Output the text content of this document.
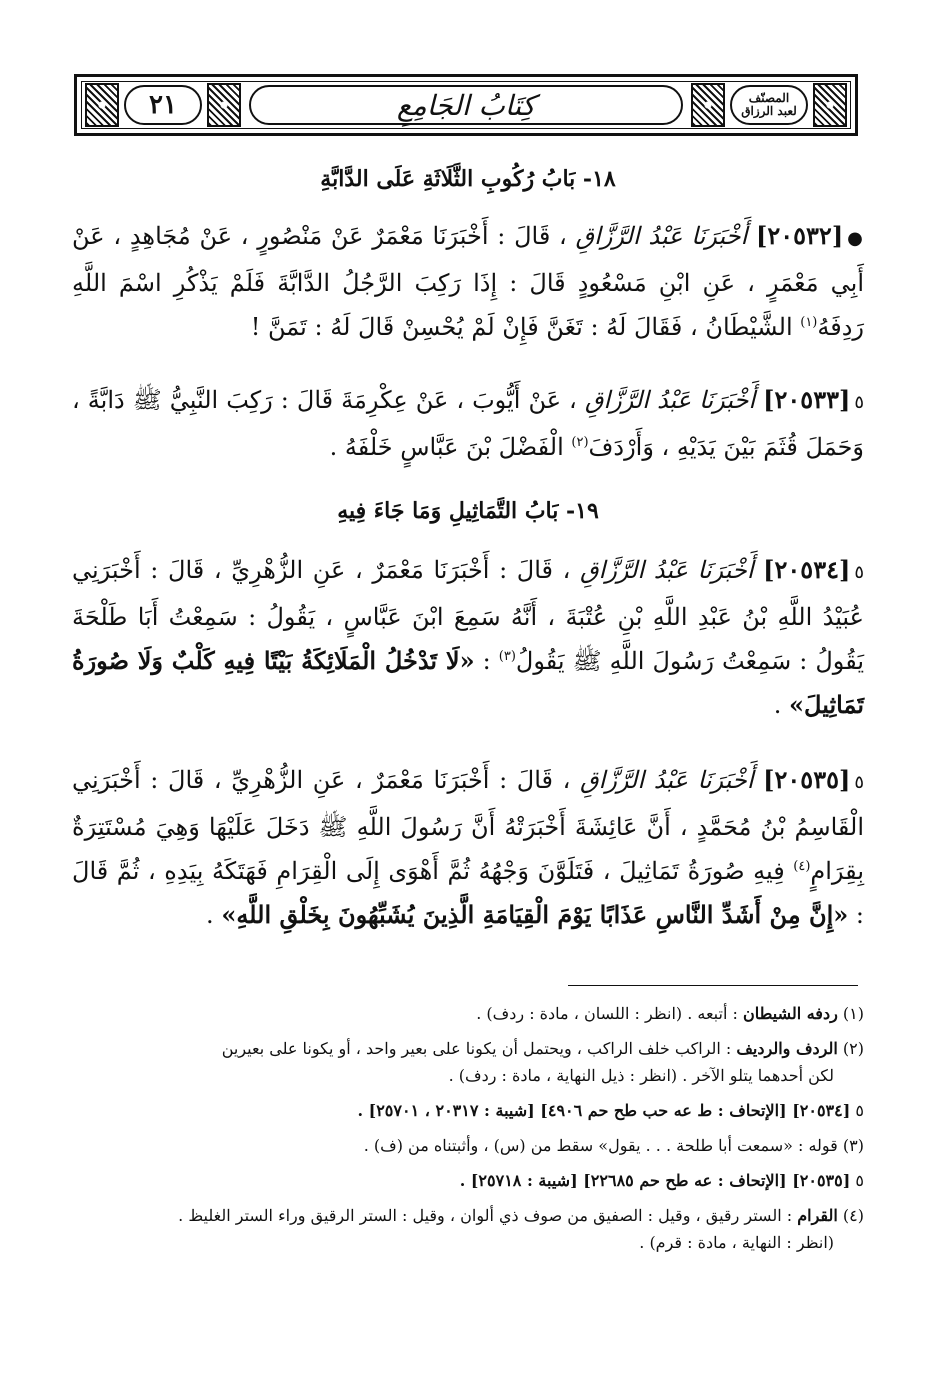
٢١	كِتَابُ الجَامِعِ	المصنّف
لعبد الرزاق
١٨- بَابُ رُكُوبِ الثَّلَاثَةِ عَلَى الدَّابَّةِ

●[٢٠٥٣٢] أَخْبَرَنَا عَبْدُ الرَّزَّاقِ ، قَالَ : أَخْبَرَنَا مَعْمَرٌ عَنْ مَنْصُورٍ ، عَنْ مُجَاهِدٍ ، عَنْ أَبِي مَعْمَرٍ ، عَنِ ابْنِ مَسْعُودٍ قَالَ : إِذَا رَكِبَ الرَّجُلُ الدَّابَّةَ فَلَمْ يَذْكُرِ اسْمَ اللَّهِ رَدِفَهُ$^{(١)}$ الشَّيْطَانُ ، فَقَالَ لَهُ : تَغَنَّ فَإِنْ لَمْ يُحْسِنْ قَالَ لَهُ : تَمَنَّ !

٥[٢٠٥٣٣] أَخْبَرَنَا عَبْدُ الرَّزَّاقِ ، عَنْ أَيُّوبَ ، عَنْ عِكْرِمَةَ قَالَ : رَكِبَ النَّبِيُّ ﷺ دَابَّةً ، وَحَمَلَ قُثَمَ بَيْنَ يَدَيْهِ ، وَأَرْدَفَ$^{(٢)}$ الْفَضْلَ بْنَ عَبَّاسٍ خَلْفَهُ .

١٩- بَابُ التَّمَاثِيلِ وَمَا جَاءَ فِيهِ

٥[٢٠٥٣٤] أَخْبَرَنَا عَبْدُ الرَّزَّاقِ ، قَالَ : أَخْبَرَنَا مَعْمَرٌ ، عَنِ الزُّهْرِيِّ ، قَالَ : أَخْبَرَنِي عُبَيْدُ اللَّهِ بْنُ عَبْدِ اللَّهِ بْنِ عُتْبَةَ ، أَنَّهُ سَمِعَ ابْنَ عَبَّاسٍ ، يَقُولُ : سَمِعْتُ أَبَا طَلْحَةَ يَقُولُ : سَمِعْتُ رَسُولَ اللَّهِ ﷺ يَقُولُ$^{(٣)}$ : «لَا تَدْخُلُ الْمَلَائِكَةُ بَيْتًا فِيهِ كَلْبٌ وَلَا صُورَةُ تَمَاثِيلَ» .

٥[٢٠٥٣٥] أَخْبَرَنَا عَبْدُ الرَّزَّاقِ ، قَالَ : أَخْبَرَنَا مَعْمَرٌ ، عَنِ الزُّهْرِيِّ ، قَالَ : أَخْبَرَنِي الْقَاسِمُ بْنُ مُحَمَّدٍ ، أَنَّ عَائِشَةَ أَخْبَرَتْهُ أَنَّ رَسُولَ اللَّهِ ﷺ دَخَلَ عَلَيْهَا وَهِيَ مُسْتَتِرَةٌ بِقِرَامٍ$^{(٤)}$ فِيهِ صُورَةُ تَمَاثِيلَ ، فَتَلَوَّنَ وَجْهُهُ ثُمَّ أَهْوَى إِلَى الْقِرَامِ فَهَتَكَهُ بِيَدِهِ ، ثُمَّ قَالَ : «إِنَّ مِنْ أَشَدِّ النَّاسِ عَذَابًا يَوْمَ الْقِيَامَةِ الَّذِينَ يُشَبِّهُونَ بِخَلْقِ اللَّهِ» .

(١) ردفه الشيطان : أتبعه . (انظر : اللسان ، مادة : ردف) .

(٢) الردف والرديف : الراكب خلف الراكب ، ويحتمل أن يكونا على بعير واحد ، أو يكونا على بعيرين

لكن أحدهما يتلو الآخر . (انظر : ذيل النهاية ، مادة : ردف) .

٥ [٢٠٥٣٤] [الإتحاف : ط عه حب طح حم ٤٩٠٦] [شيبة : ٢٠٣١٧ ، ٢٥٧٠١] .

(٣) قوله : «سمعت أبا طلحة . . . يقول» سقط من (س) ، وأثبتناه من (ف) .

٥ [٢٠٥٣٥] [الإتحاف : عه طح حم ٢٢٦٨٥] [شيبة : ٢٥٧١٨] .

(٤) القرام : الستر رقيق ، وقيل : الصفيق من صوف ذي ألوان ، وقيل : الستر الرقيق وراء الستر الغليظ .

(انظر : النهاية ، مادة : قرم) .
